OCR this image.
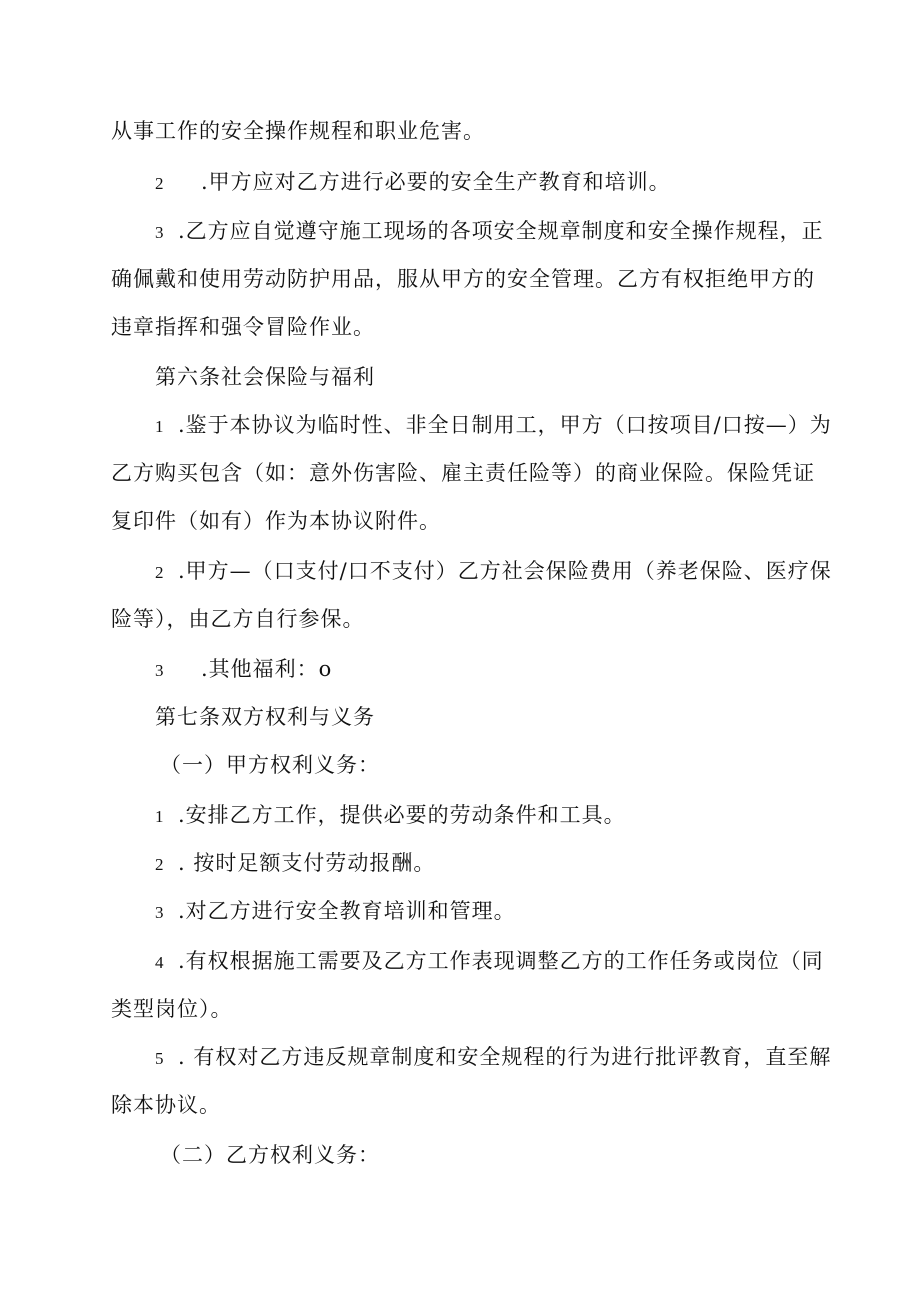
从事工作的安全操作规程和职业危害。
2 .甲方应对乙方进行必要的安全生产教育和培训。
3 .乙方应自觉遵守施工现场的各项安全规章制度和安全操作规程，正
确佩戴和使用劳动防护用品，服从甲方的安全管理。乙方有权拒绝甲方的
违章指挥和强令冒险作业。
第六条社会保险与福利
1 .鉴于本协议为临时性、非全日制用工，甲方（口按项目/口按—）为
乙方购买包含（如：意外伤害险、雇主责任险等）的商业保险。保险凭证
复印件（如有）作为本协议附件。
2 .甲方—（口支付/口不支付）乙方社会保险费用（养老保险、医疗保
险等），由乙方自行参保。
3 .其他福利：o
第七条双方权利与义务
（一）甲方权利义务：
1 .安排乙方工作，提供必要的劳动条件和工具。
2 . 按时足额支付劳动报酬。
3 .对乙方进行安全教育培训和管理。
4 .有权根据施工需要及乙方工作表现调整乙方的工作任务或岗位（同
类型岗位）。
5 . 有权对乙方违反规章制度和安全规程的行为进行批评教育，直至解
除本协议。
（二）乙方权利义务：
